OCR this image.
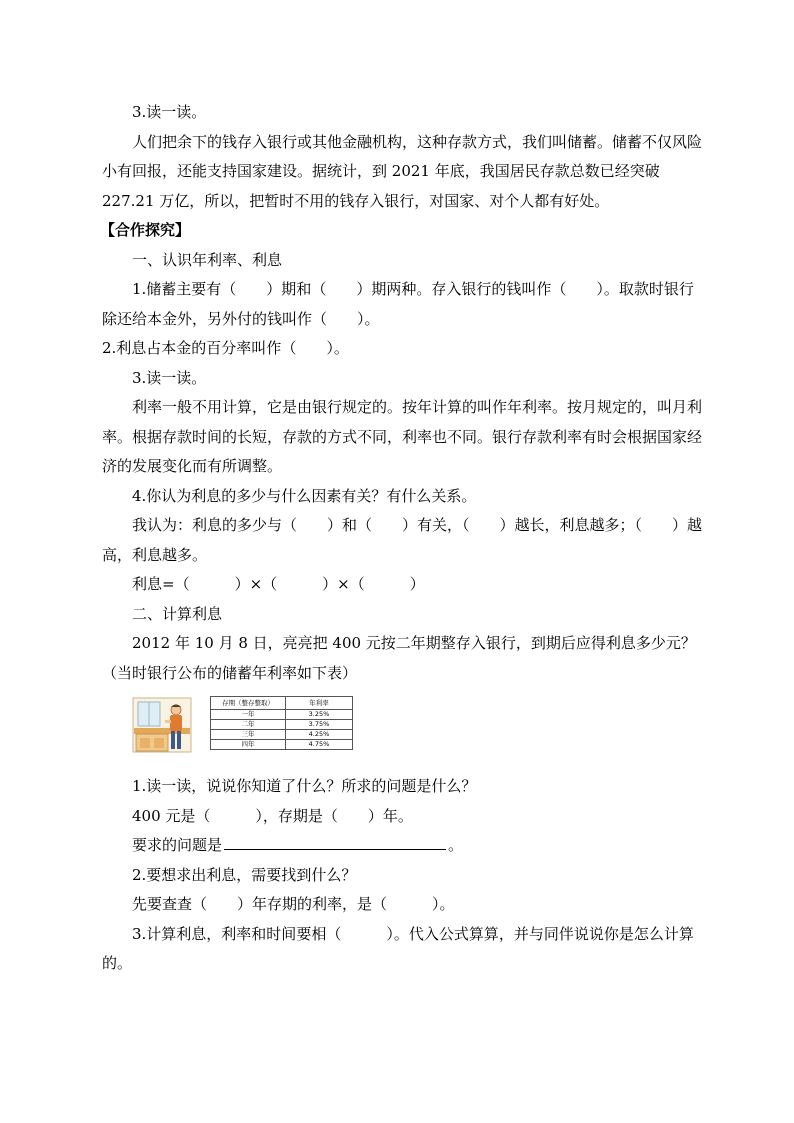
3.读一读。

人们把余下的钱存入银行或其他金融机构，这种存款方式，我们叫储蓄。储蓄不仅风险小有回报，还能支持国家建设。据统计，到 2021 年底，我国居民存款总数已经突破 227.21 万亿，所以，把暂时不用的钱存入银行，对国家、对个人都有好处。

【合作探究】

一、认识年利率、利息

1.储蓄主要有（　　）期和（　　）期两种。存入银行的钱叫作（　　）。取款时银行除还给本金外，另外付的钱叫作（　　）。

2.利息占本金的百分率叫作（　　）。

3.读一读。

利率一般不用计算，它是由银行规定的。按年计算的叫作年利率。按月规定的，叫月利率。根据存款时间的长短，存款的方式不同，利率也不同。银行存款利率有时会根据国家经济的发展变化而有所调整。

4.你认为利息的多少与什么因素有关？有什么关系。

我认为：利息的多少与（　　）和（　　）有关，（　　）越长，利息越多；（　　）越高，利息越多。

利息=（　　　）×（　　　）×（　　　）

二、计算利息

2012 年 10 月 8 日，亮亮把 400 元按二年期整存入银行，到期后应得利息多少元？（当时银行公布的储蓄年利率如下表）

存期（整存整取）	年利率
一年	3.25%
二年	3.75%
三年	4.25%
四年	4.75%

1.读一读，说说你知道了什么？所求的问题是什么？

400 元是（　　　），存期是（　　）年。

要求的问题是	。

2.要想求出利息，需要找到什么？

先要查查（　　）年存期的利率，是（　　　）。

3.计算利息，利率和时间要相（　　　）。代入公式算算，并与同伴说说你是怎么计算的。
